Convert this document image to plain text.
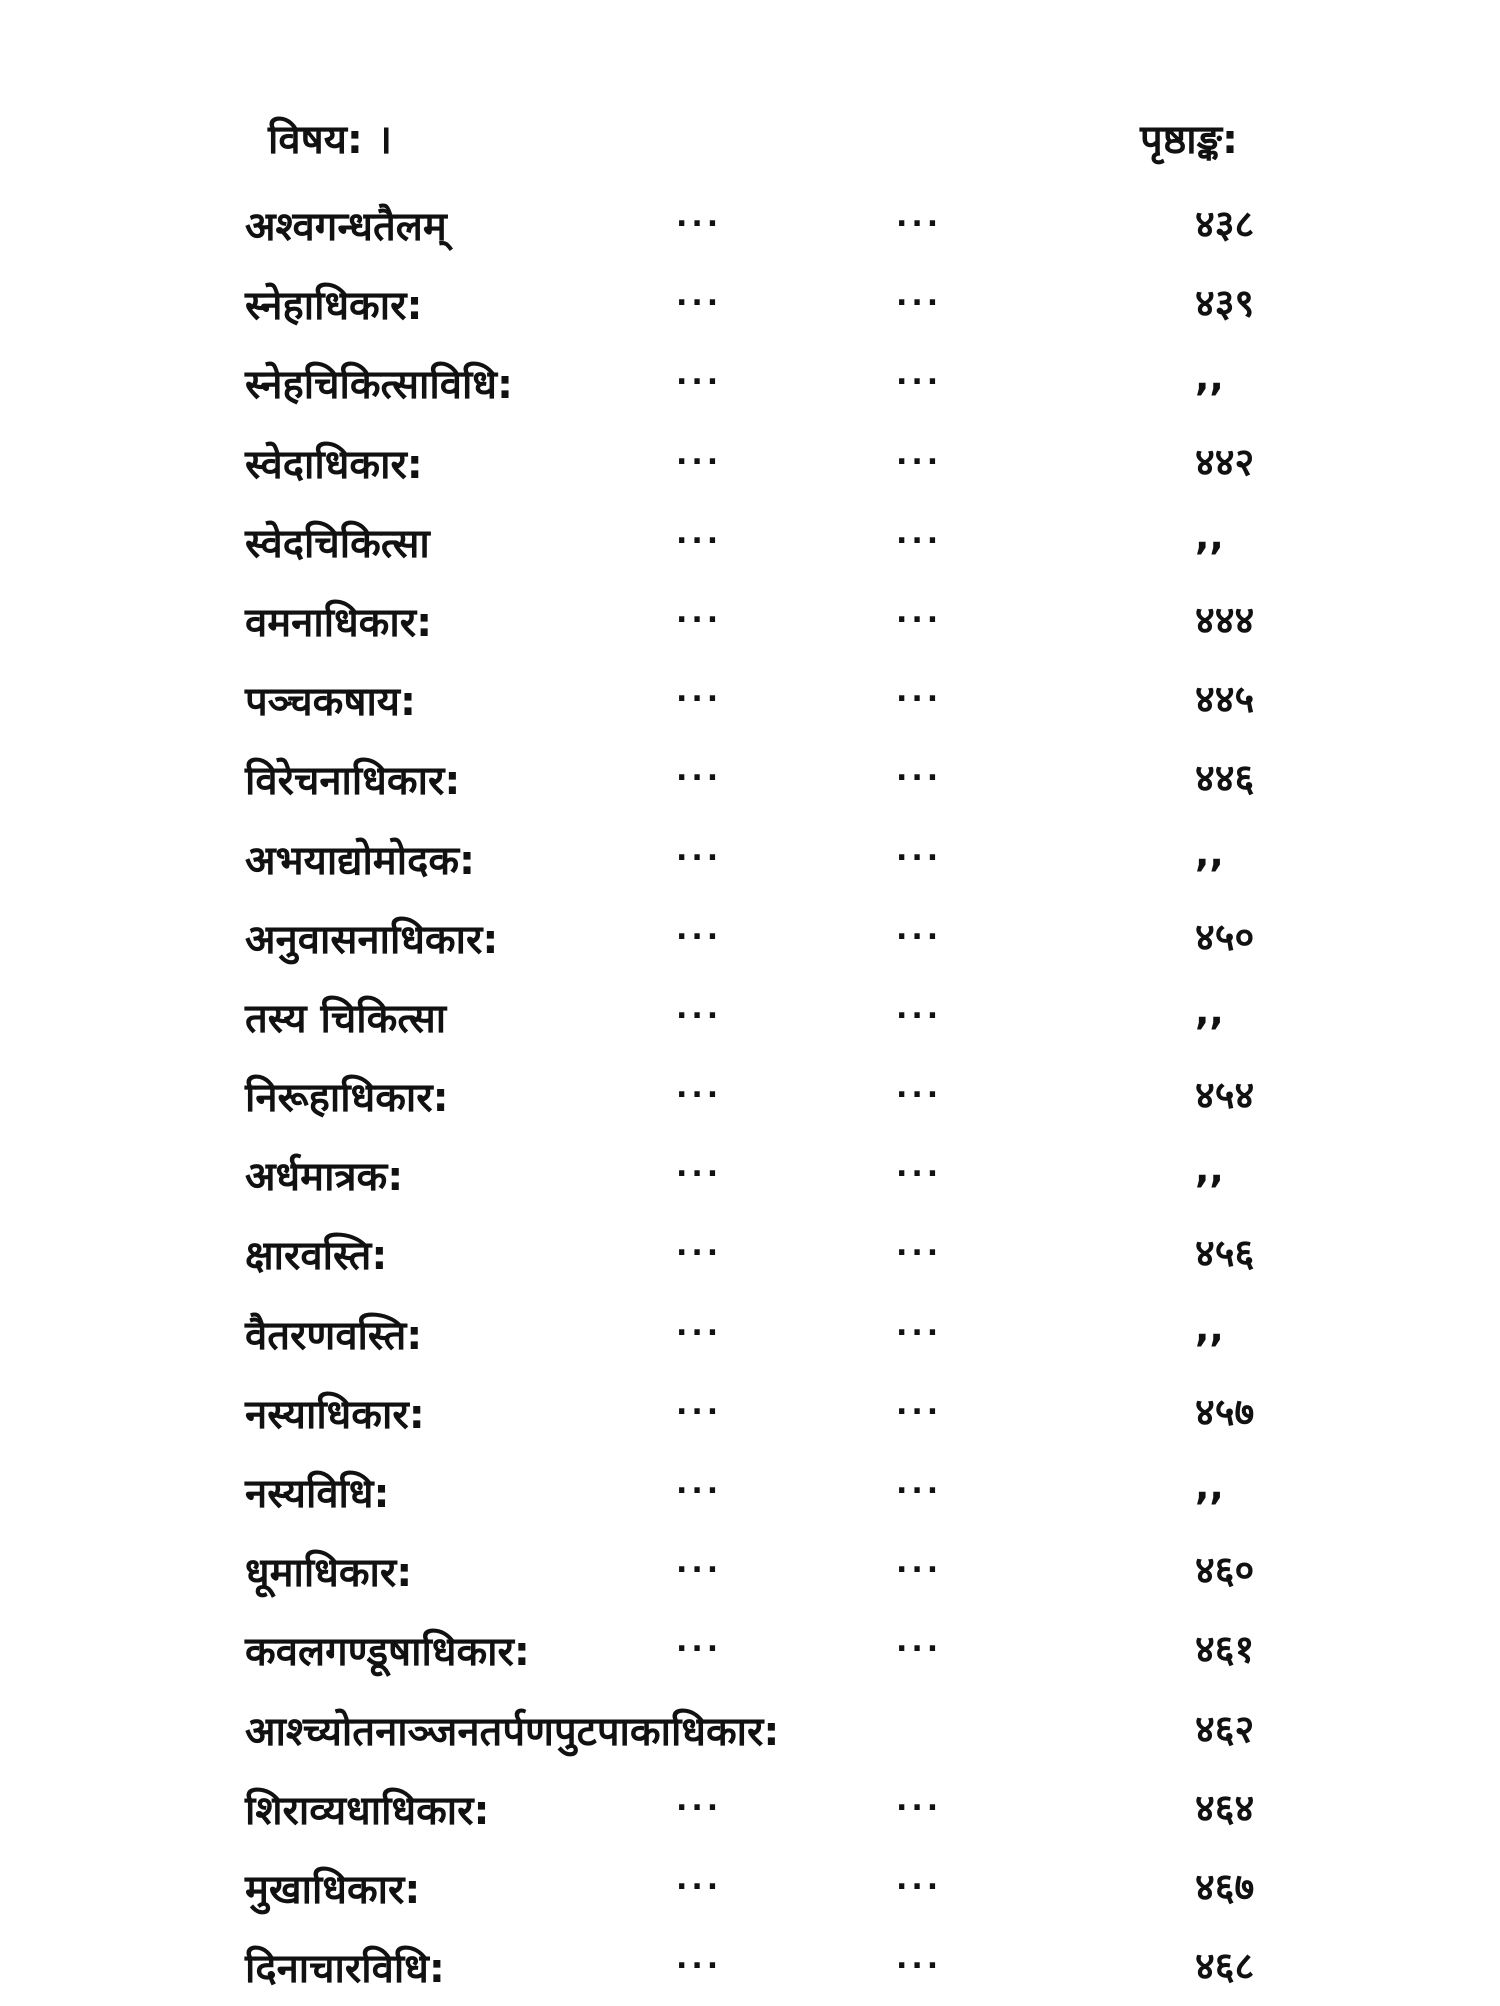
विषय: ।	पृष्ठाङ्क:
अश्वगन्धतैलम्	...	...	४३८
स्नेहाधिकार:	...	...	४३९
स्नेहचिकित्साविधि:	...	...	,,
स्वेदाधिकार:	...	...	४४२
स्वेदचिकित्सा	...	...	,,
वमनाधिकार:	...	...	४४४
पञ्चकषाय:	...	...	४४५
विरेचनाधिकार:	...	...	४४६
अभयाद्योमोदक:	...	...	,,
अनुवासनाधिकार:	...	...	४५०
तस्य चिकित्सा	...	...	,,
निरूहाधिकार:	...	...	४५४
अर्धमात्रक:	...	...	,,
क्षारवस्ति:	...	...	४५६
वैतरणवस्ति:	...	...	,,
नस्याधिकार:	...	...	४५७
नस्यविधि:	...	...	,,
धूमाधिकार:	...	...	४६०
कवलगण्डूषाधिकार:	...	...	४६१
आश्च्योतनाञ्जनतर्पणपुटपाकाधिकार:	४६२
शिराव्यधाधिकार:	...	...	४६४
मुखाधिकार:	...	...	४६७
दिनाचारविधि:	...	...	४६८
